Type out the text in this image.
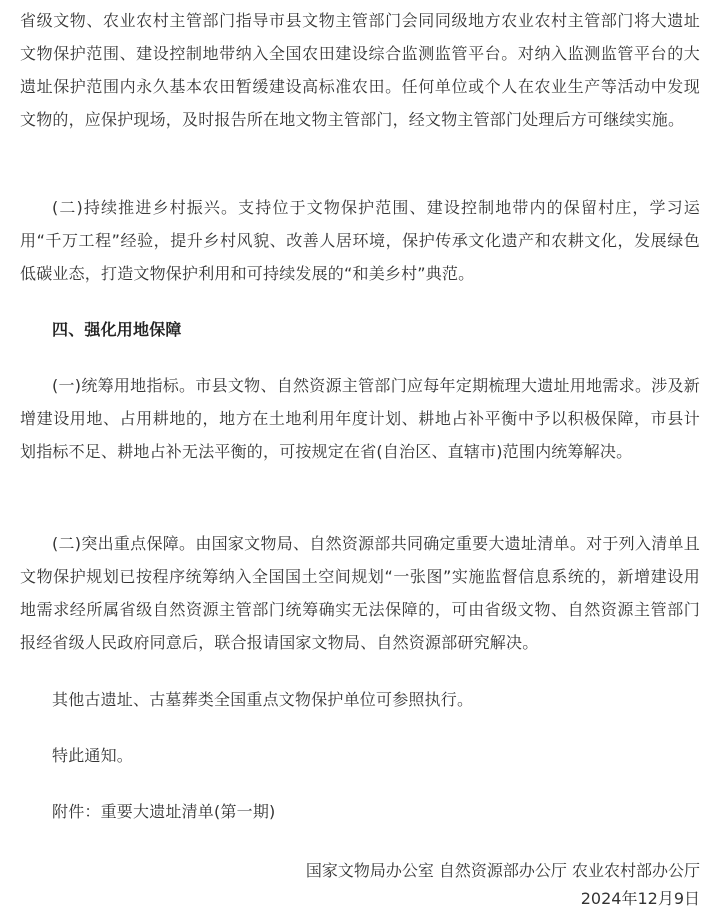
省级文物、农业农村主管部门指导市县文物主管部门会同同级地方农业农村主管部门将大遗址文物保护范围、建设控制地带纳入全国农田建设综合监测监管平台。对纳入监测监管平台的大遗址保护范围内永久基本农田暂缓建设高标准农田。任何单位或个人在农业生产等活动中发现文物的，应保护现场，及时报告所在地文物主管部门，经文物主管部门处理后方可继续实施。

(二)持续推进乡村振兴。支持位于文物保护范围、建设控制地带内的保留村庄，学习运用“千万工程”经验，提升乡村风貌、改善人居环境，保护传承文化遗产和农耕文化，发展绿色低碳业态，打造文物保护利用和可持续发展的“和美乡村”典范。

四、强化用地保障

(一)统筹用地指标。市县文物、自然资源主管部门应每年定期梳理大遗址用地需求。涉及新增建设用地、占用耕地的，地方在土地利用年度计划、耕地占补平衡中予以积极保障，市县计划指标不足、耕地占补无法平衡的，可按规定在省(自治区、直辖市)范围内统筹解决。

(二)突出重点保障。由国家文物局、自然资源部共同确定重要大遗址清单。对于列入清单且文物保护规划已按程序统筹纳入全国国土空间规划“一张图”实施监督信息系统的，新增建设用地需求经所属省级自然资源主管部门统筹确实无法保障的，可由省级文物、自然资源主管部门报经省级人民政府同意后，联合报请国家文物局、自然资源部研究解决。

其他古遗址、古墓葬类全国重点文物保护单位可参照执行。

特此通知。

附件：重要大遗址清单(第一期)

国家文物局办公室 自然资源部办公厅 农业农村部办公厅

2024年12月9日
